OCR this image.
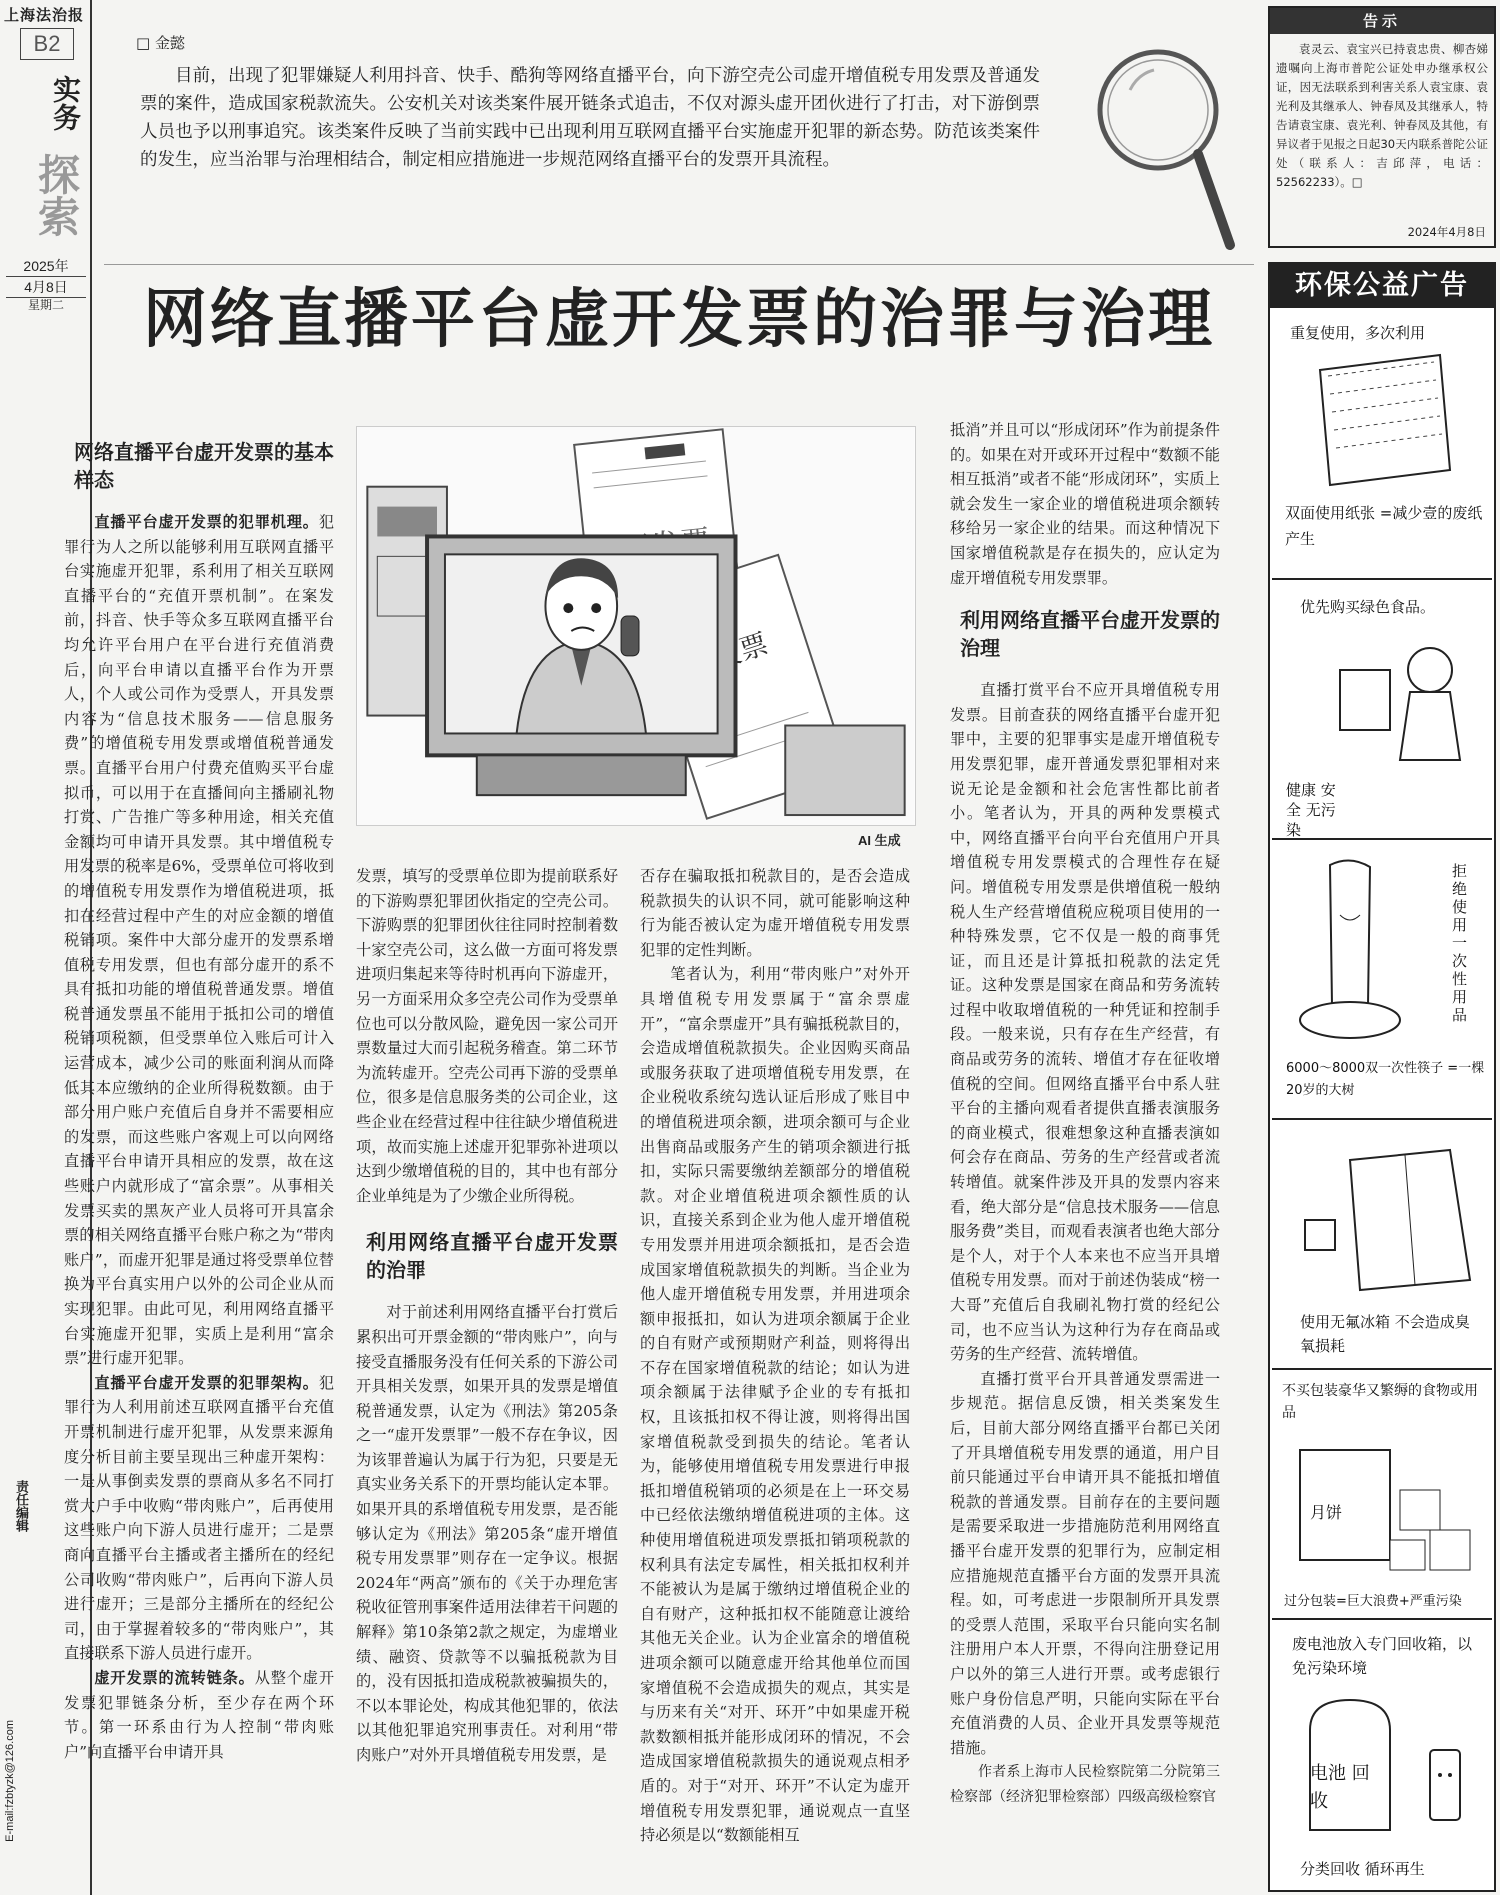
上海法治报
B2
实务
探索
2025年
4月8日
星期二
责任编辑
E-mail:fzbtyzk@126.com
□ 金懿
目前，出现了犯罪嫌疑人利用抖音、快手、酷狗等网络直播平台，向下游空壳公司虚开增值税专用发票及普通发票的案件，造成国家税款流失。公安机关对该类案件展开链条式追击，不仅对源头虚开团伙进行了打击，对下游倒票人员也予以刑事追究。该类案件反映了当前实践中已出现利用互联网直播平台实施虚开犯罪的新态势。防范该类案件的发生，应当治罪与治理相结合，制定相应措施进一步规范网络直播平台的发票开具流程。
网络直播平台虚开发票的治罪与治理
AI 生成
网络直播平台虚开发票的基本样态

直播平台虚开发票的犯罪机理。犯罪行为人之所以能够利用互联网直播平台实施虚开犯罪，系利用了相关互联网直播平台的“充值开票机制”。在案发前，抖音、快手等众多互联网直播平台均允许平台用户在平台进行充值消费后，向平台申请以直播平台作为开票人，个人或公司作为受票人，开具发票内容为“信息技术服务——信息服务费”的增值税专用发票或增值税普通发票。直播平台用户付费充值购买平台虚拟币，可以用于在直播间向主播刷礼物打赏、广告推广等多种用途，相关充值金额均可申请开具发票。其中增值税专用发票的税率是6%，受票单位可将收到的增值税专用发票作为增值税进项，抵扣在经营过程中产生的对应金额的增值税销项。案件中大部分虚开的发票系增值税专用发票，但也有部分虚开的系不具有抵扣功能的增值税普通发票。增值税普通发票虽不能用于抵扣公司的增值税销项税额，但受票单位入账后可计入运营成本，减少公司的账面利润从而降低其本应缴纳的企业所得税数额。由于部分用户账户充值后自身并不需要相应的发票，而这些账户客观上可以向网络直播平台申请开具相应的发票，故在这些账户内就形成了“富余票”。从事相关发票买卖的黑灰产业人员将可开具富余票的相关网络直播平台账户称之为“带肉账户”，而虚开犯罪是通过将受票单位替换为平台真实用户以外的公司企业从而实现犯罪。由此可见，利用网络直播平台实施虚开犯罪，实质上是利用“富余票”进行虚开犯罪。

直播平台虚开发票的犯罪架构。犯罪行为人利用前述互联网直播平台充值开票机制进行虚开犯罪，从发票来源角度分析目前主要呈现出三种虚开架构：一是从事倒卖发票的票商从多名不同打赏大户手中收购“带肉账户”，后再使用这些账户向下游人员进行虚开；二是票商向直播平台主播或者主播所在的经纪公司收购“带肉账户”，后再向下游人员进行虚开；三是部分主播所在的经纪公司，由于掌握着较多的“带肉账户”，其直接联系下游人员进行虚开。

虚开发票的流转链条。从整个虚开发票犯罪链条分析，至少存在两个环节。第一环系由行为人控制“带肉账户”向直播平台申请开具

发票，填写的受票单位即为提前联系好的下游购票犯罪团伙指定的空壳公司。下游购票的犯罪团伙往往同时控制着数十家空壳公司，这么做一方面可将发票进项归集起来等待时机再向下游虚开，另一方面采用众多空壳公司作为受票单位也可以分散风险，避免因一家公司开票数量过大而引起税务稽查。第二环节为流转虚开。空壳公司再下游的受票单位，很多是信息服务类的公司企业，这些企业在经营过程中往往缺少增值税进项，故而实施上述虚开犯罪弥补进项以达到少缴增值税的目的，其中也有部分企业单纯是为了少缴企业所得税。

利用网络直播平台虚开发票的治罪

对于前述利用网络直播平台打赏后累积出可开票金额的“带肉账户”，向与接受直播服务没有任何关系的下游公司开具相关发票，如果开具的发票是增值税普通发票，认定为《刑法》第205条之一“虚开发票罪”一般不存在争议，因为该罪普遍认为属于行为犯，只要是无真实业务关系下的开票均能认定本罪。如果开具的系增值税专用发票，是否能够认定为《刑法》第205条“虚开增值税专用发票罪”则存在一定争议。根据2024年“两高”颁布的《关于办理危害税收征管刑事案件适用法律若干问题的解释》第10条第2款之规定，为虚增业绩、融资、贷款等不以骗抵税款为目的，没有因抵扣造成税款被骗损失的，不以本罪论处，构成其他犯罪的，依法以其他犯罪追究刑事责任。对利用“带肉账户”对外开具增值税专用发票，是

否存在骗取抵扣税款目的，是否会造成税款损失的认识不同，就可能影响这种行为能否被认定为虚开增值税专用发票犯罪的定性判断。

笔者认为，利用“带肉账户”对外开具增值税专用发票属于“富余票虚开”，“富余票虚开”具有骗抵税款目的，会造成增值税款损失。企业因购买商品或服务获取了进项增值税专用发票，在企业税收系统勾选认证后形成了账目中的增值税进项余额，进项余额可与企业出售商品或服务产生的销项余额进行抵扣，实际只需要缴纳差额部分的增值税款。对企业增值税进项余额性质的认识，直接关系到企业为他人虚开增值税专用发票并用进项余额抵扣，是否会造成国家增值税款损失的判断。当企业为他人虚开增值税专用发票，并用进项余额申报抵扣，如认为进项余额属于企业的自有财产或预期财产利益，则将得出不存在国家增值税款的结论；如认为进项余额属于法律赋予企业的专有抵扣权，且该抵扣权不得让渡，则将得出国家增值税款受到损失的结论。笔者认为，能够使用增值税专用发票进行申报抵扣增值税销项的必须是在上一环交易中已经依法缴纳增值税进项的主体。这种使用增值税进项发票抵扣销项税款的权利具有法定专属性，相关抵扣权利并不能被认为是属于缴纳过增值税企业的自有财产，这种抵扣权不能随意让渡给其他无关企业。认为企业富余的增值税进项余额可以随意虚开给其他单位而国家增值税不会造成损失的观点，其实是与历来有关“对开、环开”中如果虚开税款数额相抵并能形成闭环的情况，不会造成国家增值税款损失的通说观点相矛盾的。对于“对开、环开”不认定为虚开增值税专用发票犯罪，通说观点一直坚持必须是以“数额能相互

抵消”并且可以“形成闭环”作为前提条件的。如果在对开或环开过程中“数额不能相互抵消”或者不能“形成闭环”，实质上就会发生一家企业的增值税进项余额转移给另一家企业的结果。而这种情况下国家增值税款是存在损失的，应认定为虚开增值税专用发票罪。

利用网络直播平台虚开发票的治理

直播打赏平台不应开具增值税专用发票。目前查获的网络直播平台虚开犯罪中，主要的犯罪事实是虚开增值税专用发票犯罪，虚开普通发票犯罪相对来说无论是金额和社会危害性都比前者小。笔者认为，开具的两种发票模式中，网络直播平台向平台充值用户开具增值税专用发票模式的合理性存在疑问。增值税专用发票是供增值税一般纳税人生产经营增值税应税项目使用的一种特殊发票，它不仅是一般的商事凭证，而且还是计算抵扣税款的法定凭证。这种发票是国家在商品和劳务流转过程中收取增值税的一种凭证和控制手段。一般来说，只有存在生产经营，有商品或劳务的流转、增值才存在征收增值税的空间。但网络直播平台中系人驻平台的主播向观看者提供直播表演服务的商业模式，很难想象这种直播表演如何会存在商品、劳务的生产经营或者流转增值。就案件涉及开具的发票内容来看，绝大部分是“信息技术服务——信息服务费”类目，而观看表演者也绝大部分是个人，对于个人本来也不应当开具增值税专用发票。而对于前述伪装成“榜一大哥”充值后自我刷礼物打赏的经纪公司，也不应当认为这种行为存在商品或劳务的生产经营、流转增值。

直播打赏平台开具普通发票需进一步规范。据信息反馈，相关类案发生后，目前大部分网络直播平台都已关闭了开具增值税专用发票的通道，用户目前只能通过平台申请开具不能抵扣增值税款的普通发票。目前存在的主要问题是需要采取进一步措施防范利用网络直播平台虚开发票的犯罪行为，应制定相应措施规范直播平台方面的发票开具流程。如，可考虑进一步限制所开具发票的受票人范围，采取平台只能向实名制注册用户本人开票，不得向注册登记用户以外的第三人进行开票。或考虑银行账户身份信息严明，只能向实际在平台充值消费的人员、企业开具发票等规范措施。

作者系上海市人民检察院第二分院第三检察部（经济犯罪检察部）四级高级检察官

告示
袁灵云、袁宝兴已持袁忠贵、柳杏娣遗嘱向上海市普陀公证处申办继承权公证，因无法联系到利害关系人袁宝康、袁光利及其继承人、钟春凤及其继承人，特告请袁宝康、袁光利、钟春凤及其他，有异议者于见报之日起30天内联系普陀公证处（联系人：吉邱萍，电话：52562233）。□
2024年4月8日
环保公益广告
重复使用，多次利用
双面使用纸张 =减少壹的废纸产生
优先购买绿色食品。
健康 安全 无污染
拒绝使用一次性用品
6000～8000双一次性筷子 =一棵20岁的大树
使用无氟冰箱 不会造成臭氧损耗
不买包装豪华又繁缛的食物或用品
月饼
过分包装=巨大浪费+严重污染
废电池放入专门回收箱，以免污染环境
电池 回收
分类回收 循环再生
